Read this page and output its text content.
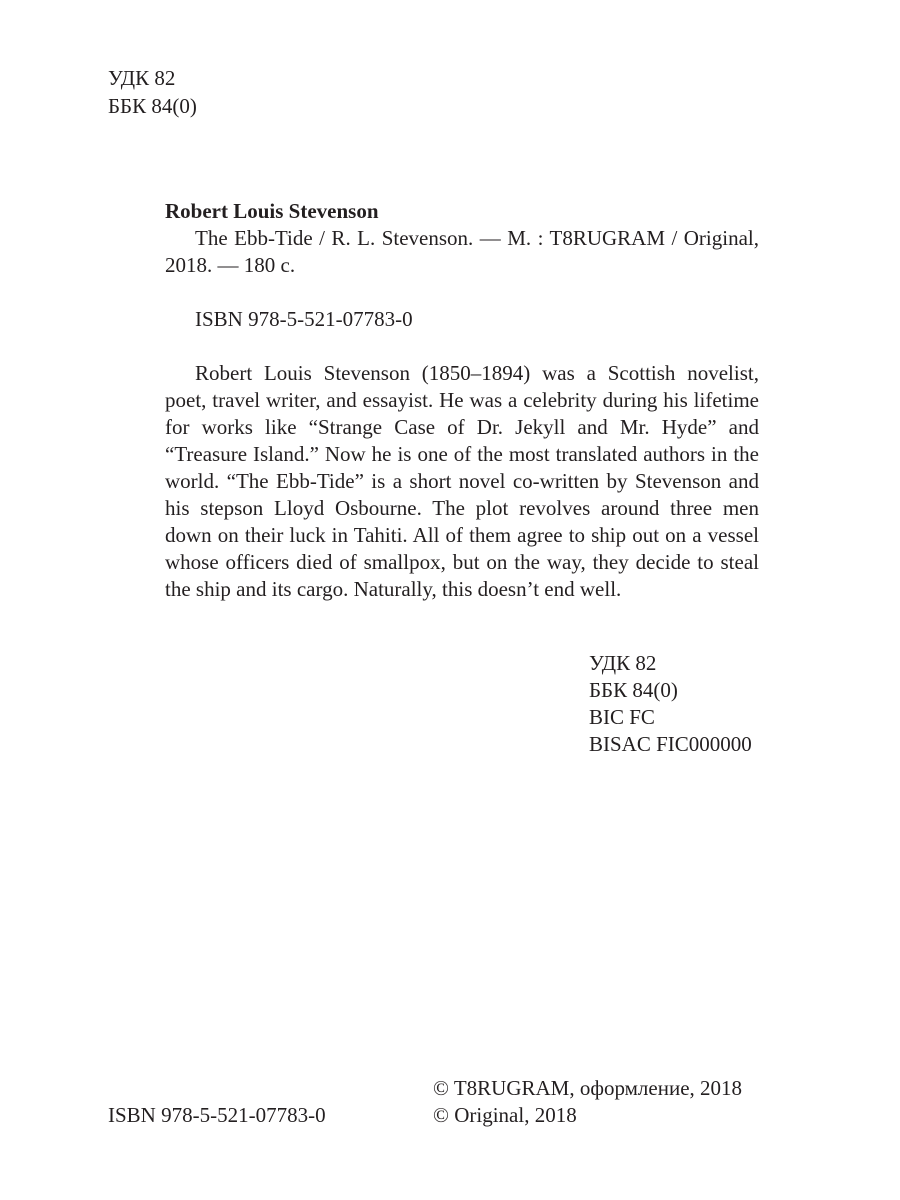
УДК 82
ББК 84(0)
Robert Louis Stevenson

The Ebb-Tide / R. L. Stevenson. — M. : T8RUGRAM / Original, 2018. — 180 c.

ISBN 978-5-521-07783-0

Robert Louis Stevenson (1850–1894) was a Scottish novelist, poet, travel writer, and essayist. He was a celebrity during his lifetime for works like “Strange Case of Dr. Jekyll and Mr. Hyde” and “Treasure Island.” Now he is one of the most translated authors in the world. “The Ebb-Tide” is a short novel co-written by Stevenson and his stepson Lloyd Osbourne. The plot revolves around three men down on their luck in Tahiti. All of them agree to ship out on a vessel whose officers died of smallpox, but on the way, they decide to steal the ship and its cargo. Naturally, this doesn’t end well.

УДК 82
ББК 84(0)
BIC FC
BISAC FIC000000
ISBN 978-5-521-07783-0
© T8RUGRAM, оформление, 2018
© Original, 2018
